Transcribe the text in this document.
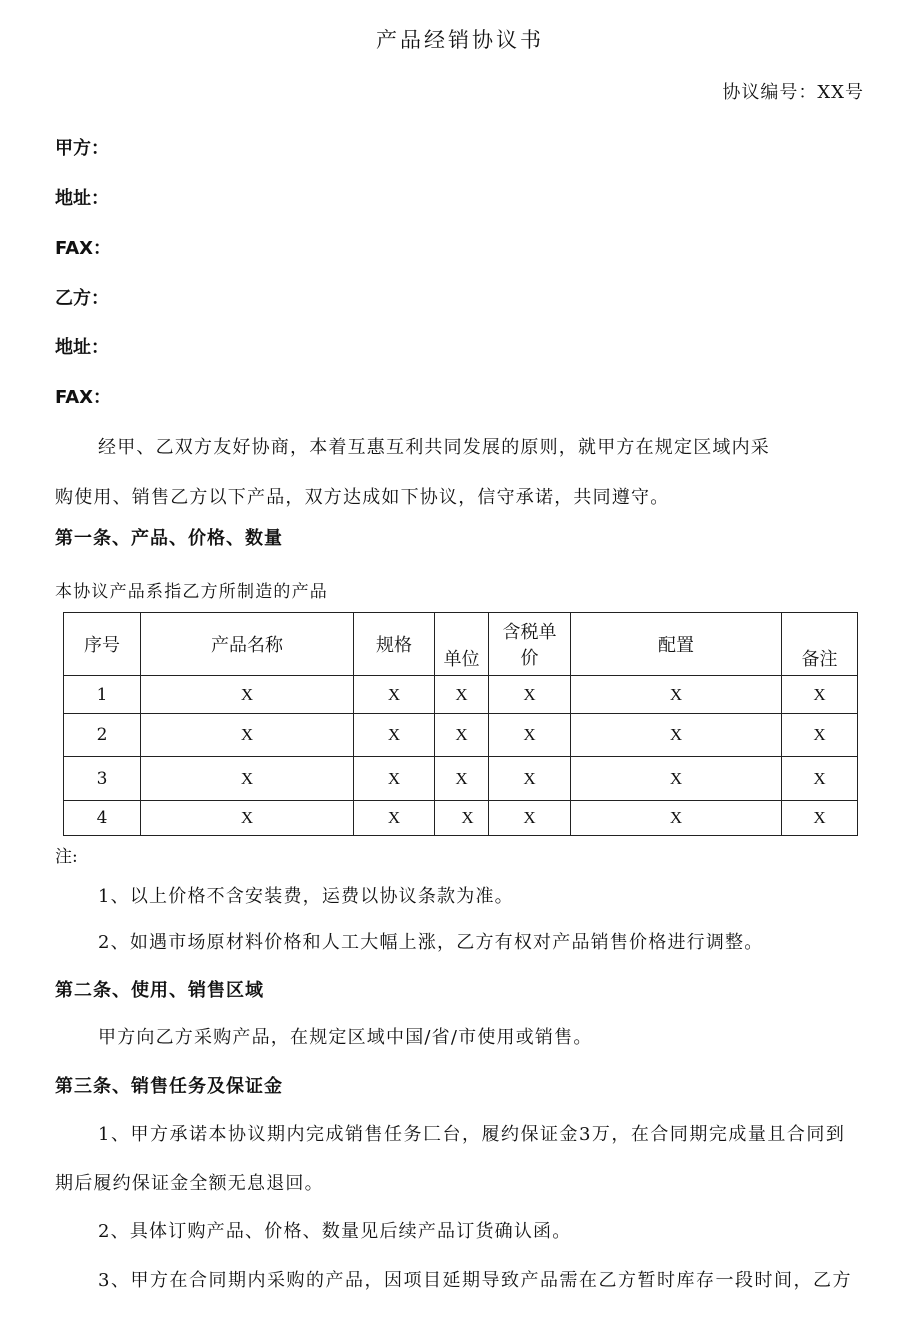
产品经销协议书
协议编号：XX号
甲方：
地址：
FAX：
乙方：
地址：
FAX：
经甲、乙双方友好协商，本着互惠互利共同发展的原则，就甲方在规定区域内采
购使用、销售乙方以下产品，双方达成如下协议，信守承诺，共同遵守。
第一条、产品、价格、数量
本协议产品系指乙方所制造的产品
序号	产品名称	规格	单位	含税单
价	配置	备注
1	X	X	X	X	X	X
2	X	X	X	X	X	X
3	X	X	X	X	X	X
4	X	X	X	X	X	X
注:
1、以上价格不含安装费，运费以协议条款为准。
2、如遇市场原材料价格和人工大幅上涨，乙方有权对产品销售价格进行调整。
第二条、使用、销售区域
甲方向乙方采购产品，在规定区域中国/省/市使用或销售。
第三条、销售任务及保证金
1、甲方承诺本协议期内完成销售任务匚台，履约保证金3万，在合同期完成量且合同到
期后履约保证金全额无息退回。
2、具体订购产品、价格、数量见后续产品订货确认函。
3、甲方在合同期内采购的产品，因项目延期导致产品需在乙方暂时库存一段时间，乙方
